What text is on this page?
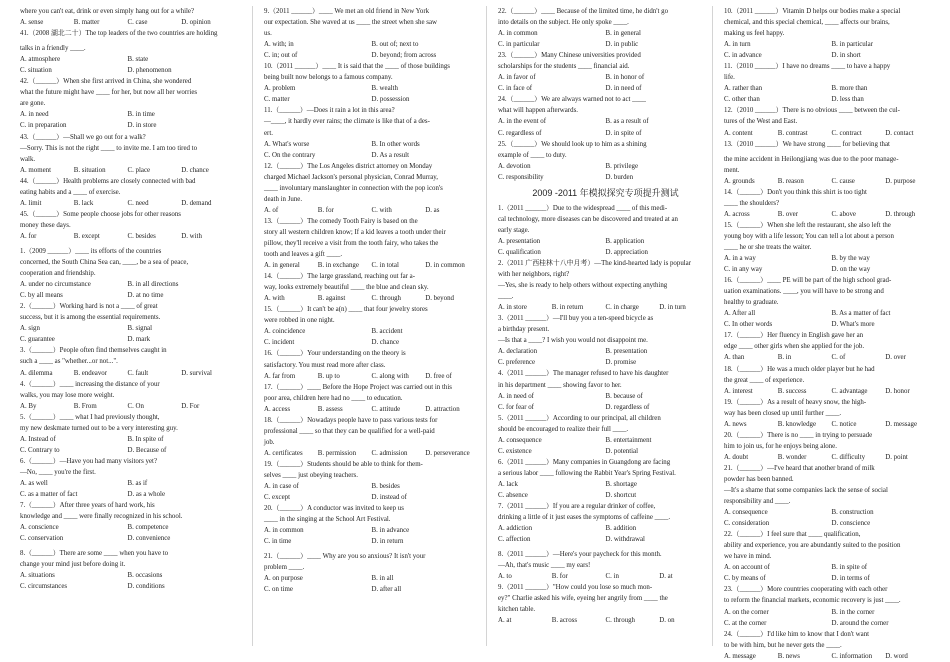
where you can't eat, drink or even simply hang out for a while?
A. sense	B. matter	C. case	D. opinion
41.（2008 湖北二十）The top leaders of the two countries are holding
talks in a friendly ____.
A. atmosphere	B. state
C. situation	D. phenomenon
42.（______）When she first arrived in China, she wondered
what the future might have ____ for her, but now all her worries
are gone.
A. in need	B. in time
C. in preparation	D. in store
43.（______）—Shall we go out for a walk?
—Sorry. This is not the right ____ to invite me. I am too tired to
walk.
A. moment	B. situation	C. place	D. chance
44.（______）Health problems are closely connected with bad
eating habits and a ____ of exercise.
A. limit	B. lack	C. need	D. demand
45.（______）Some people choose jobs for other reasons
money these days.
A. for	B. except	C. besides	D. with
1.（2009 ______）____ its efforts of the countries
concerned, the South China Sea can, ____, be a sea of peace,
cooperation and friendship.
A. under no circumstance	B. in all directions
C. by all means	D. at no time
2.（______）Working hard is not a ____ of great
success, but it is among the essential requirements.
A. sign	B. signal
C. guarantee	D. mark
3.（______）People often find themselves caught in
such a ____ as "whether...or not...".
A. dilemma	B. endeavor	C. fault	D. survival
4.（______）____ increasing the distance of your
walks, you may lose more weight.
A. By	B. From	C. On	D. For
5.（______）____ what I had previously thought,
my new deskmate turned out to be a very interesting guy.
A. Instead of	B. In spite of
C. Contrary to	D. Because of
6.（______）—Have you had many visitors yet?
—No, ____ you're the first.
A. as well	B. as if
C. as a matter of fact	D. as a whole
7.（______）After three years of hard work, his
knowledge and ____ were finally recognized in his school.
A. conscience	B. competence
C. conservation	D. convenience
8.（______）There are some ____ when you have to
change your mind just before doing it.
A. situations	B. occasions
C. circumstances	D. conditions
9.（2011 ______）____ We met an old friend in New York
our expectation. She waved at us ____ the street when she saw
us.
A. with; in	B. out of; next to
C. in; out of	D. beyond; from across
10.（2011 ______）____ It is said that the ____ of those buildings
being built now belongs to a famous company.
A. problem	B. wealth
C. matter	D. possession
11.（______）—Does it rain a lot in this area?
—____, it hardly ever rains; the climate is like that of a des-
ert.
A. What's worse	B. In other words
C. On the contrary	D. As a result
12.（______）The Los Angeles district attorney on Monday
charged Michael Jackson's personal physician, Conrad Murray,
____ involuntary manslaughter in connection with the pop icon's
death in June.
A. of	B. for	C. with	D. as
13.（______）The comedy Tooth Fairy is based on the
story all western children know; If a kid leaves a tooth under their
pillow, they'll receive a visit from the tooth fairy, who takes the
tooth and leaves a gift ____.
A. in general	B. in exchange	C. in total	D. in common
14.（______）The large grassland, reaching out far a-
way, looks extremely beautiful ____ the blue and clean sky.
A. with	B. against	C. through	D. beyond
15.（______）It can't be a(n) ____ that four jewelry stores
were robbed in one night.
A. coincidence	B. accident
C. incident	D. chance
16.（______）Your understanding on the theory is
satisfactory. You must read more after class.
A. far from	B. up to	C. along with	D. free of
17.（______）____ Before the Hope Project was carried out in this
poor area, children here had no ____ to education.
A. access	B. assess	C. attitude	D. attraction
18.（______）Nowadays people have to pass various tests for
professional ____ so that they can be qualified for a well-paid
job.
A. certificates	B. permission	C. admission	D. perseverance
19.（______）Students should be able to think for them-
selves ____ just obeying teachers.
A. in case of	B. besides
C. except	D. instead of
20.（______）A conductor was invited to keep us
____ in the singing at the School Art Festival.
A. in common	B. in advance
C. in time	D. in return
21.（______）____ Why are you so anxious? It isn't your
problem ____.
A. on purpose	B. in all
C. on time	D. after all
22.（______）____ Because of the limited time, he didn't go
into details on the subject. He only spoke ____.
A. in common	B. in general
C. in particular	D. in public
23.（______）Many Chinese universities provided
scholarships for the students ____ financial aid.
A. in favor of	B. in honor of
C. in face of	D. in need of
24.（______）We are always warned not to act ____
what will happen afterwards.
A. in the event of	B. as a result of
C. regardless of	D. in spite of
25.（______）We should look up to him as a shining
example of ____ to duty.
A. devotion	B. privilege
C. responsibility	D. burden
2009 -2011 年模拟探究专项提升测试
1.（2011 ______）Due to the widespread ____ of this medi-
cal technology, more diseases can be discovered and treated at an
early stage.
A. presentation	B. application
C. qualification	D. appreciation
2.（2011 广西桂林十八中月考）—The kind-hearted lady is popular
with her neighbors, right?
—Yes, she is ready to help others without expecting anything
____.
A. in store	B. in return	C. in charge	D. in turn
3.（2011 ______）—I'll buy you a ten-speed bicycle as
a birthday present.
—Is that a ____? I wish you would not disappoint me.
A. declaration	B. presentation
C. preference	D. promise
4.（2011 ______）The manager refused to have his daughter
in his department ____ showing favor to her.
A. in need of	B. because of
C. for fear of	D. regardless of
5.（2011 ______）According to our principal, all children
should be encouraged to realize their full ____.
A. consequence	B. entertainment
C. existence	D. potential
6.（2011 ______）Many companies in Guangdong are facing
a serious labor ____ following the Rabbit Year's Spring Festival.
A. lack	B. shortage
C. absence	D. shortcut
7.（2011 ______）If you are a regular drinker of coffee,
drinking a little of it just eases the symptoms of caffeine ____.
A. addiction	B. addition
C. affection	D. withdrawal
8.（2011 ______）—Here's your paycheck for this month.
—Ah, that's music ____ my ears!
A. to	B. for	C. in	D. at
9.（2011 ______）"How could you lose so much mon-
ey?" Charlie asked his wife, eyeing her angrily from ____ the
kitchen table.
A. at	B. across	C. through	D. on
10.（2011 ______）Vitamin D helps our bodies make a special
chemical, and this special chemical, ____ affects our brains,
making us feel happy.
A. in turn	B. in particular
C. in advance	D. in short
11.（2010 ______）I have no dreams ____ to have a happy
life.
A. rather than	B. more than
C. other than	D. less than
12.（2010 ______）There is no obvious ____ between the cul-
tures of the West and East.
A. content	B. contrast	C. contract	D. contact
13.（2010 ______）We have strong ____ for believing that
the mine accident in Heilongjiang was due to the poor manage-
ment.
A. grounds	B. reason	C. cause	D. purpose
14.（______）Don't you think this shirt is too tight
____ the shoulders?
A. across	B. over	C. above	D. through
15.（______）When she left the restaurant, she also left the
young boy with a life lesson; You can tell a lot about a person
____ he or she treats the waiter.
A. in a way	B. by the way
C. in any way	D. on the way
16.（______）____ PE will be part of the high school grad-
uation examinations. ____, you will have to be strong and
healthy to graduate.
A. After all	B. As a matter of fact
C. In other words	D. What's more
17.（______）Her fluency in English gave her an
edge ____ other girls when she applied for the job.
A. than	B. in	C. of	D. over
18.（______）He was a much older player but he had
the great ____ of experience.
A. interest	B. success	C. advantage	D. honor
19.（______）As a result of heavy snow, the high-
way has been closed up until further ____.
A. news	B. knowledge	C. notice	D. message
20.（______）There is no ____ in trying to persuade
him to join us, for he enjoys being alone.
A. doubt	B. wonder	C. difficulty	D. point
21.（______）—I've heard that another brand of milk
powder has been banned.
—It's a shame that some companies lack the sense of social
responsibility and ____.
A. consequence	B. construction
C. consideration	D. conscience
22.（______）I feel sure that ____ qualification,
ability and experience, you are abundantly suited to the position
we have in mind.
A. on account of	B. in spite of
C. by means of	D. in terms of
23.（______）More countries cooperating with each other
to reform the financial markets, economic recovery is just ____.
A. on the corner	B. in the corner
C. at the corner	D. around the corner
24.（______）I'd like him to know that I don't want
to be with him, but he never gets the ____.
A. message	B. news	C. information	D. word
